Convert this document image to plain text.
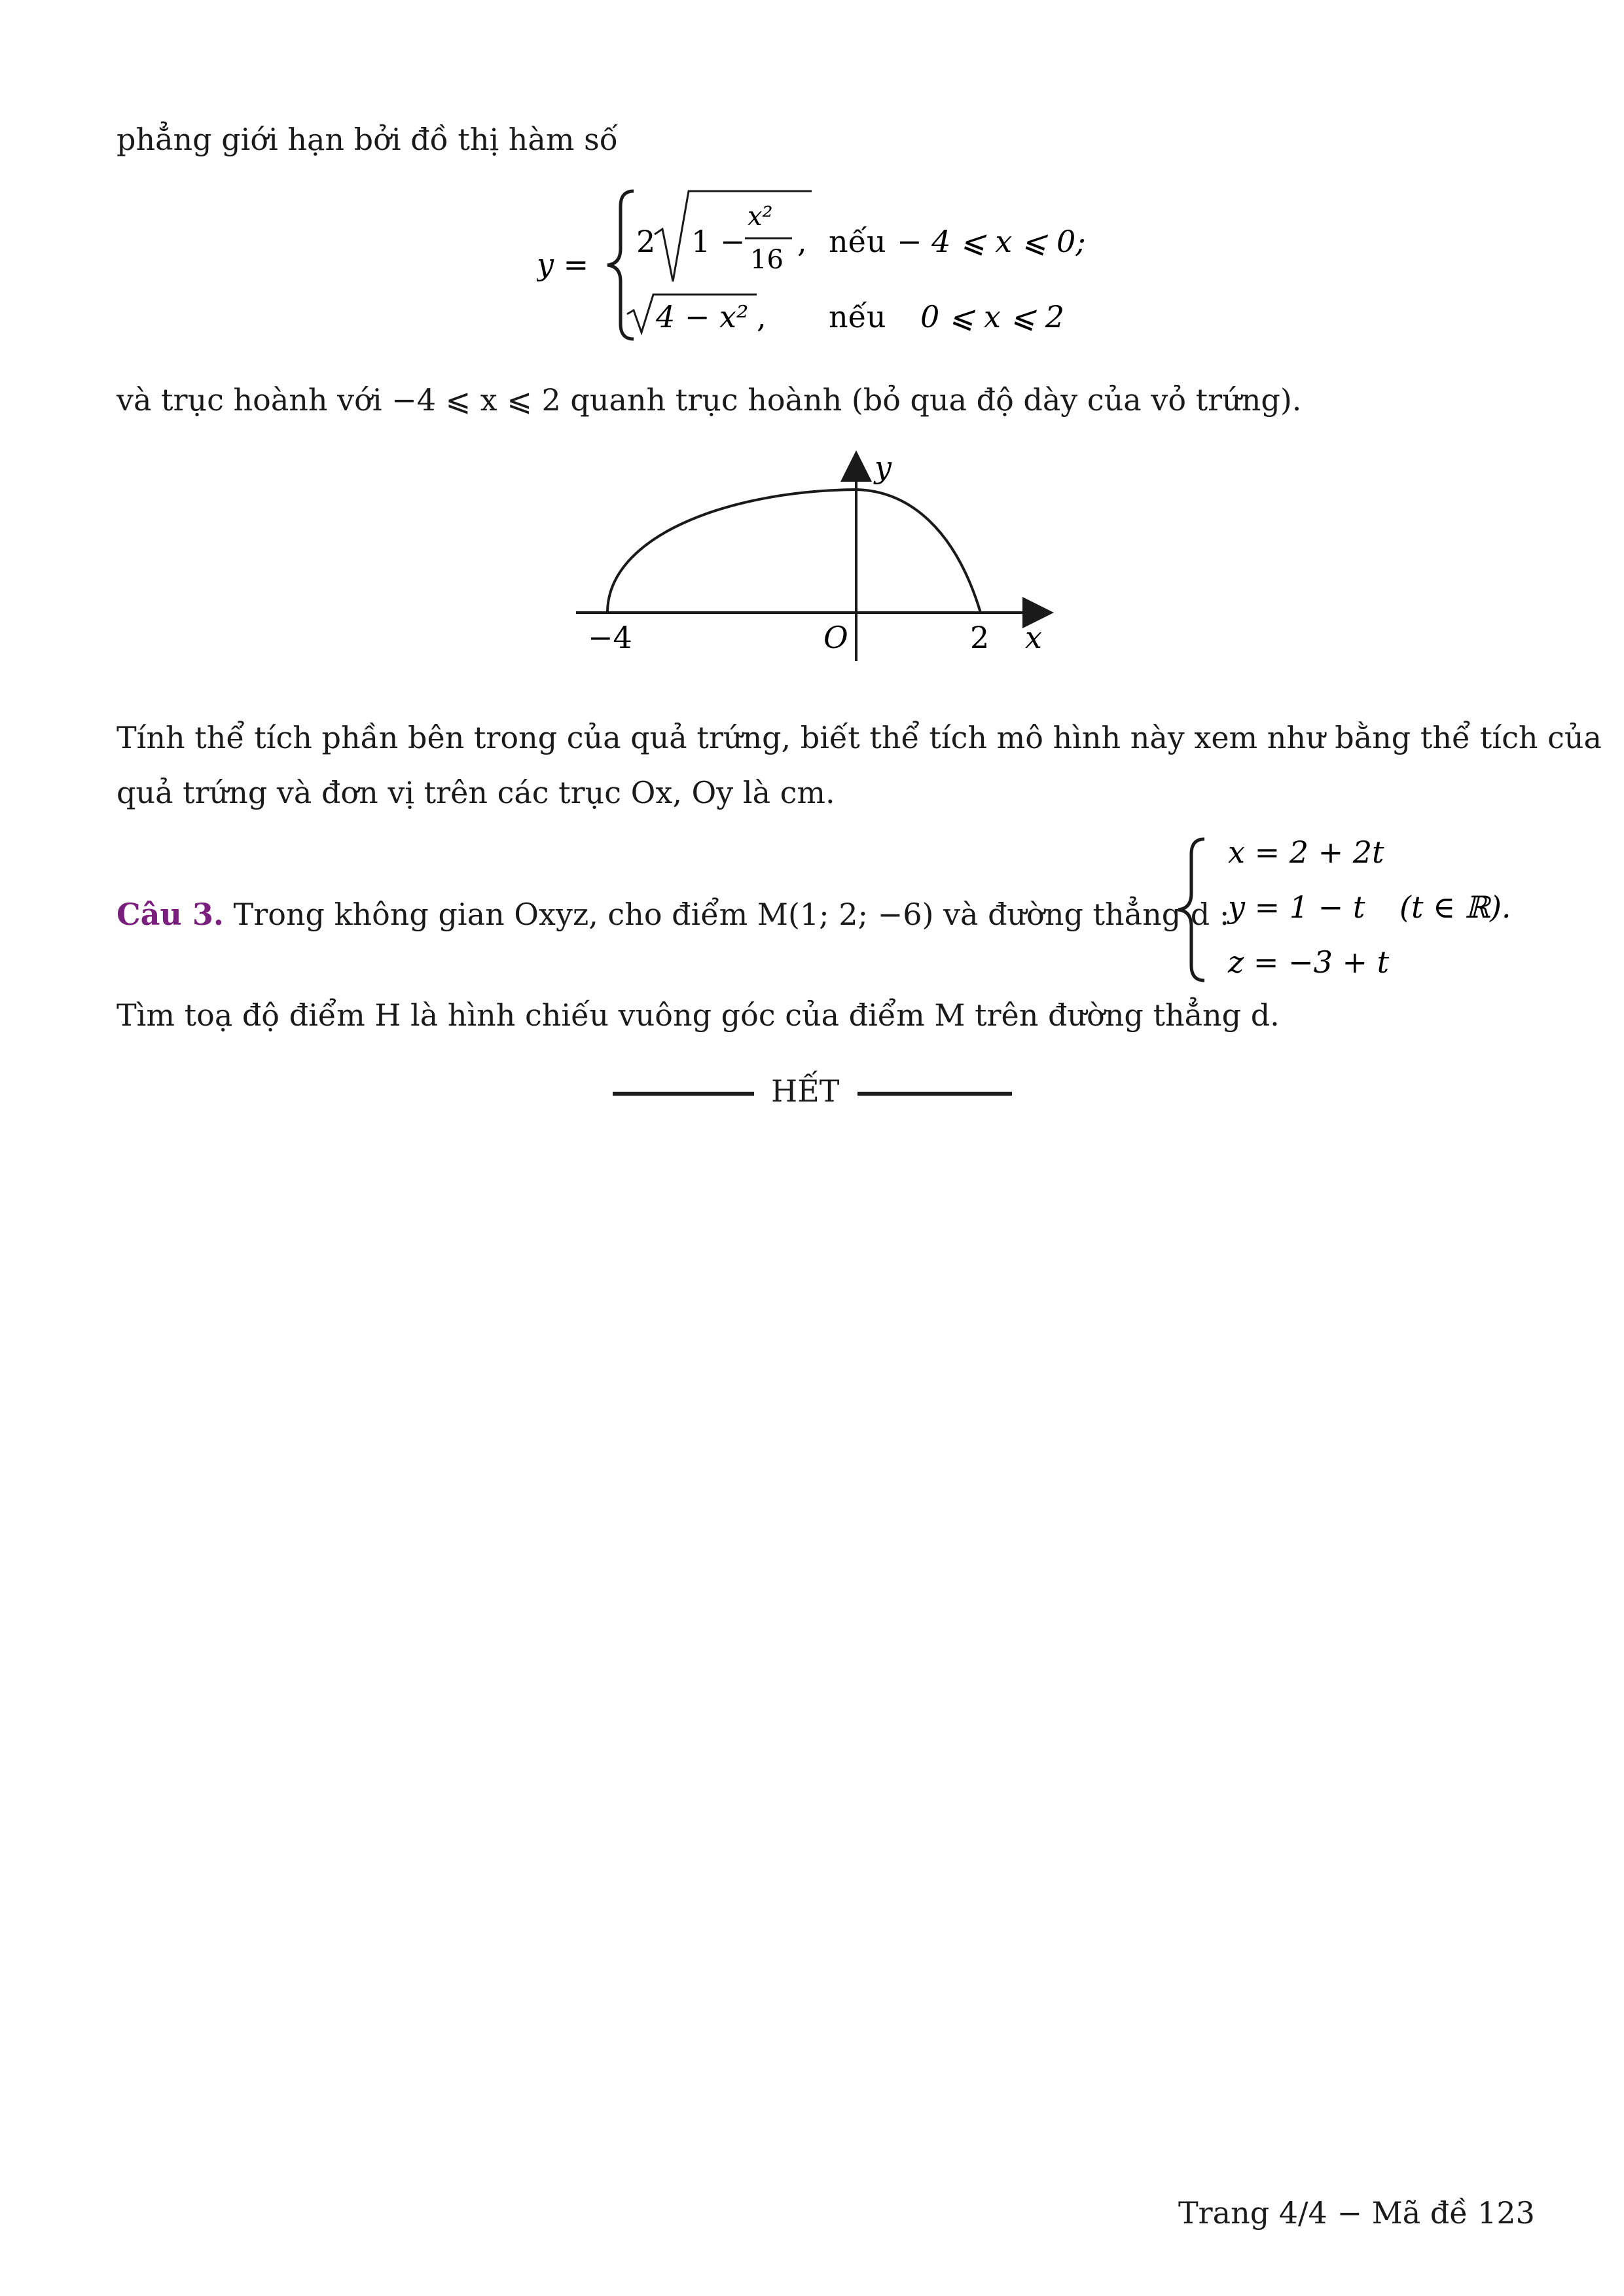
phẳng giới hạn bởi đồ thị hàm số
y =
2 1 −
x²
16
, nếu − 4 ⩽ x ⩽ 0;
4 − x² , nếu 0 ⩽ x ⩽ 2
và trục hoành với −4 ⩽ x ⩽ 2 quanh trục hoành (bỏ qua độ dày của vỏ trứng).
y
x
O
−4	2
Tính thể tích phần bên trong của quả trứng, biết thể tích mô hình này xem như bằng thể tích của
quả trứng và đơn vị trên các trục Ox, Oy là cm.
Câu 3. Trong không gian Oxyz, cho điểm M(1; 2; −6) và đường thẳng d :
x = 2 + 2t
y = 1 − t
z = −3 + t
(t ∈ ℝ).
Tìm toạ độ điểm H là hình chiếu vuông góc của điểm M trên đường thẳng d.
HẾT
Trang 4/4 − Mã đề 123
